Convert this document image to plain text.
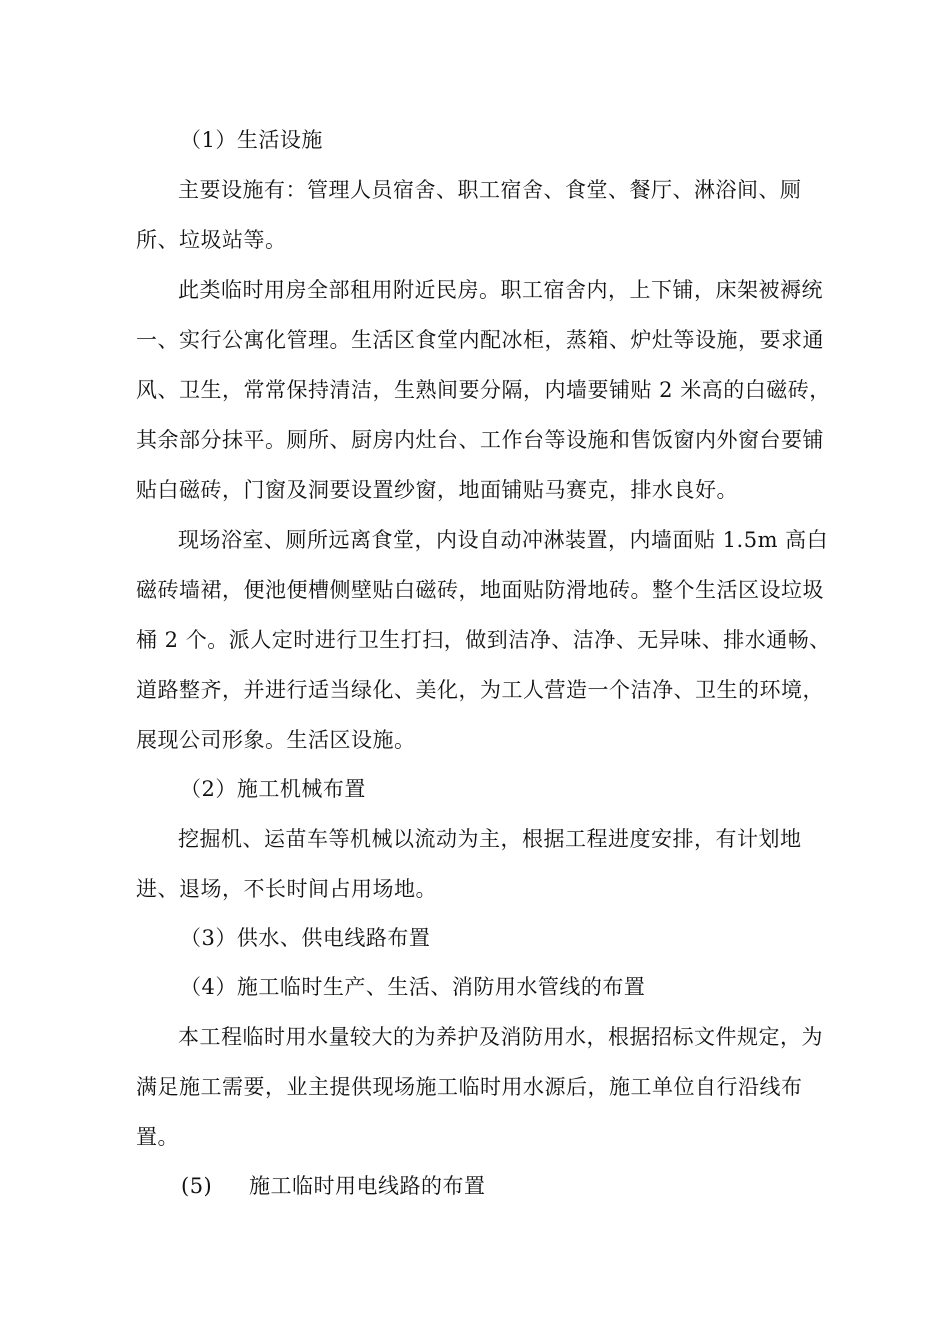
（1）生活设施
主要设施有：管理人员宿舍、职工宿舍、食堂、餐厅、淋浴间、厕
所、垃圾站等。
此类临时用房全部租用附近民房。职工宿舍内，上下铺，床架被褥统
一、实行公寓化管理。生活区食堂内配冰柜，蒸箱、炉灶等设施，要求通
风、卫生，常常保持清洁，生熟间要分隔，内墙要铺贴 2 米高的白磁砖，
其余部分抹平。厕所、厨房内灶台、工作台等设施和售饭窗内外窗台要铺
贴白磁砖，门窗及洞要设置纱窗，地面铺贴马赛克，排水良好。
现场浴室、厕所远离食堂，内设自动冲淋装置，内墙面贴 1.5m 高白
磁砖墙裙，便池便槽侧壁贴白磁砖，地面贴防滑地砖。整个生活区设垃圾
桶 2 个。派人定时进行卫生打扫，做到洁净、洁净、无异味、排水通畅、
道路整齐，并进行适当绿化、美化，为工人营造一个洁净、卫生的环境，
展现公司形象。生活区设施。
（2）施工机械布置
挖掘机、运苗车等机械以流动为主，根据工程进度安排，有计划地
进、退场，不长时间占用场地。
（3）供水、供电线路布置
（4）施工临时生产、生活、消防用水管线的布置
本工程临时用水量较大的为养护及消防用水，根据招标文件规定，为
满足施工需要，业主提供现场施工临时用水源后，施工单位自行沿线布
置。
(5) 施工临时用电线路的布置
